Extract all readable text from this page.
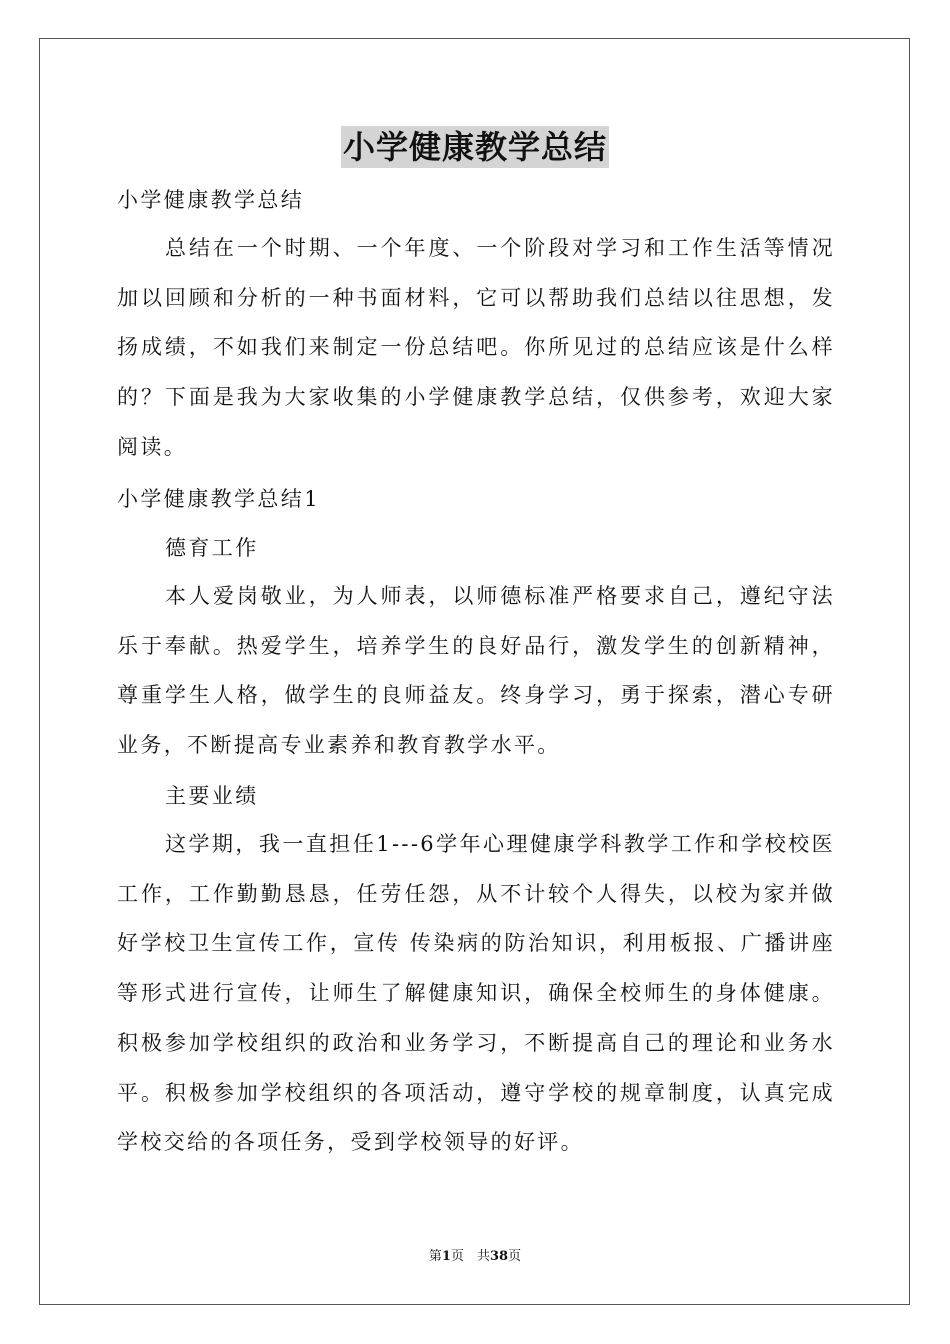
小学健康教学总结
小学健康教学总结

总结在一个时期、一个年度、一个阶段对学习和工作生活等情况加以回顾和分析的一种书面材料，它可以帮助我们总结以往思想，发扬成绩，不如我们来制定一份总结吧。你所见过的总结应该是什么样的？下面是我为大家收集的小学健康教学总结，仅供参考，欢迎大家阅读。

小学健康教学总结1
德育工作

本人爱岗敬业，为人师表，以师德标准严格要求自己，遵纪守法乐于奉献。热爱学生，培养学生的良好品行，激发学生的创新精神，尊重学生人格，做学生的良师益友。终身学习，勇于探索，潜心专研业务，不断提高专业素养和教育教学水平。

主要业绩

这学期，我一直担任1---6学年心理健康学科教学工作和学校校医工作，工作勤勤恳恳，任劳任怨，从不计较个人得失，以校为家并做好学校卫生宣传工作，宣传 传染病的防治知识，利用板报、广播讲座等形式进行宣传，让师生了解健康知识，确保全校师生的身体健康。积极参加学校组织的政治和业务学习，不断提高自己的理论和业务水平。积极参加学校组织的各项活动，遵守学校的规章制度，认真完成学校交给的各项任务，受到学校领导的好评。

第1页　共38页
